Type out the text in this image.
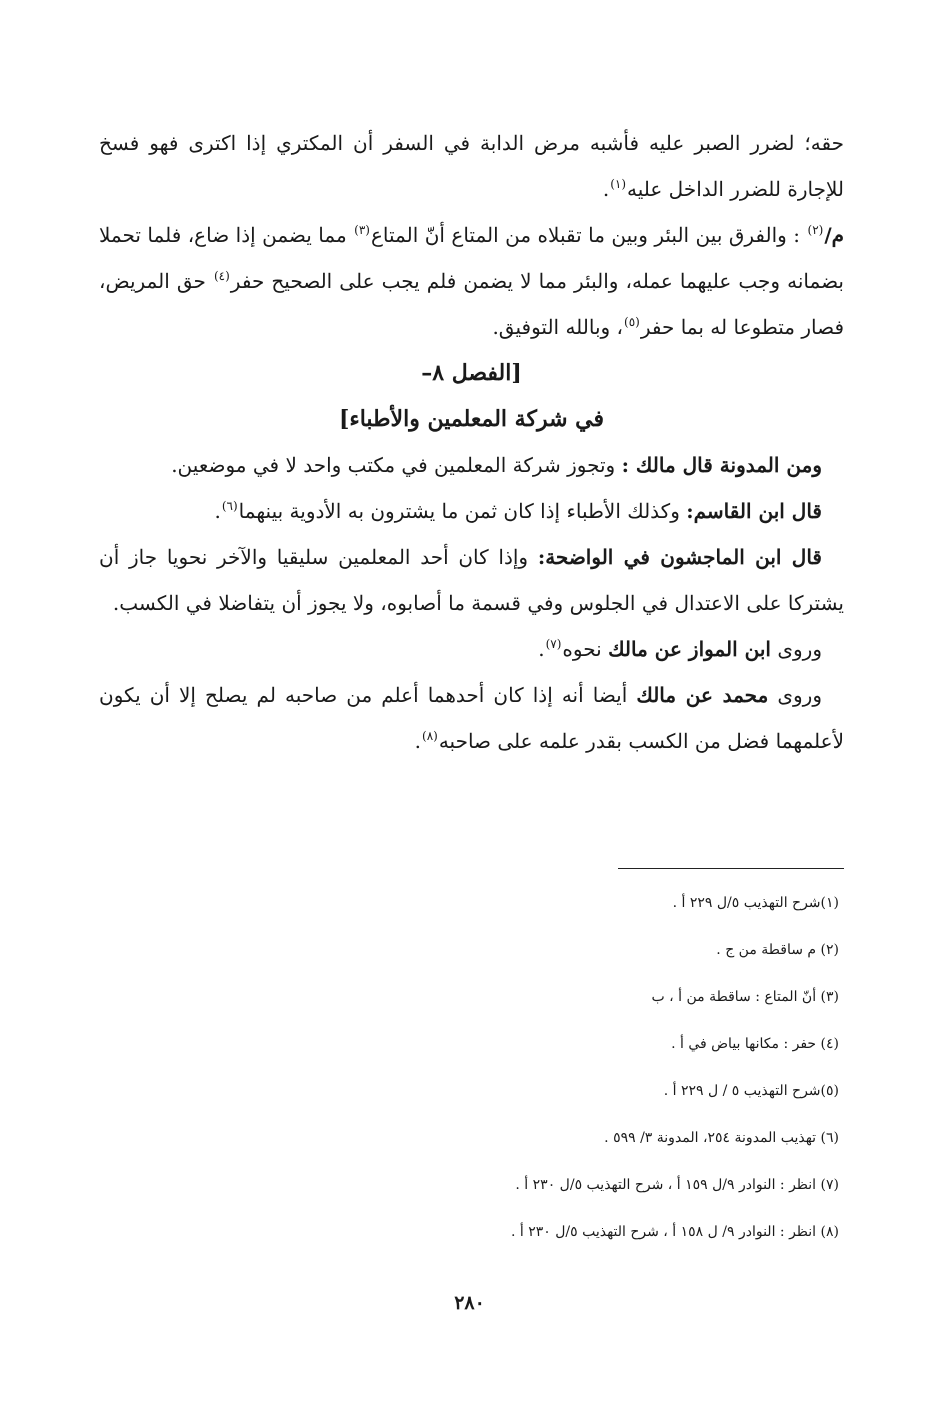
حقه؛ لضرر الصبر عليه فأشبه مرض الدابة في السفر أن المكتري إذا اكترى فهو فسخ للإجارة للضرر الداخل عليه$^{(١)}$.

م/$^{(٢)}$ : والفرق بين البئر وبين ما تقبلاه من المتاع أنّ المتاع$^{(٣)}$ مما يضمن إذا ضاع، فلما تحملا بضمانه وجب عليهما عمله، والبئر مما لا يضمن فلم يجب على الصحيح حفر$^{(٤)}$ حق المريض، فصار متطوعا له بما حفر$^{(٥)}$، وبالله التوفيق.

[الفصل ٨–

في شركة المعلمين والأطباء]

ومن المدونة قال مالك : وتجوز شركة المعلمين في مكتب واحد لا في موضعين.

قال ابن القاسم: وكذلك الأطباء إذا كان ثمن ما يشترون به الأدوية بينهما$^{(٦)}$.

قال ابن الماجشون في الواضحة: وإذا كان أحد المعلمين سليقيا والآخر نحويا جاز أن يشتركا على الاعتدال في الجلوس وفي قسمة ما أصابوه، ولا يجوز أن يتفاضلا في الكسب.

وروى ابن المواز عن مالك نحوه$^{(٧)}$.

وروى محمد عن مالك أيضا أنه إذا كان أحدهما أعلم من صاحبه لم يصلح إلا أن يكون لأعلمهما فضل من الكسب بقدر علمه على صاحبه$^{(٨)}$.

(١)شرح التهذيب ٥/ل ٢٢٩ أ .
(٢) م ساقطة من ج .
(٣) أنّ المتاع : ساقطة من أ ، ب
(٤) حفر : مكانها بياض في أ .
(٥)شرح التهذيب ٥ / ل ٢٢٩ أ .
(٦) تهذيب المدونة ٢٥٤، المدونة ٣/ ٥٩٩ .
(٧) انظر : النوادر ٩/ل ١٥٩ أ ، شرح التهذيب ٥/ل ٢٣٠ أ .
(٨) انظر : النوادر ٩/ ل ١٥٨ أ ، شرح التهذيب ٥/ل ٢٣٠ أ .
٢٨٠
